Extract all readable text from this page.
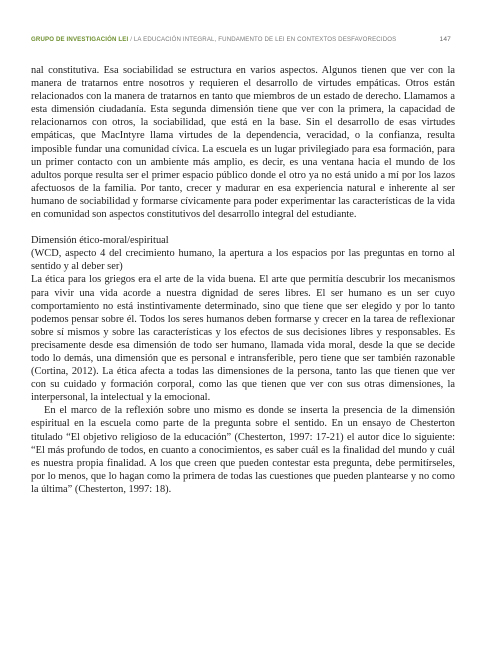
GRUPO DE INVESTIGACIÓN LEI / LA EDUCACIÓN INTEGRAL, FUNDAMENTO DE LEI EN CONTEXTOS DESFAVORECIDOS	147

nal constitutiva. Esa sociabilidad se estructura en varios aspectos. Algunos tienen que ver con la manera de tratarnos entre nosotros y requieren el desarrollo de virtudes empáticas. Otros están relacionados con la manera de tratarnos en tanto que miembros de un estado de derecho. Llamamos a esta dimensión ciudadanía. Esta segunda dimensión tiene que ver con la primera, la capacidad de relacionarnos con otros, la sociabilidad, que está en la base. Sin el desarrollo de esas virtudes empáticas, que MacIntyre llama virtudes de la dependencia, veracidad, o la confianza, resulta imposible fundar una comunidad cívica. La escuela es un lugar privilegiado para esa formación, para un primer contacto con un ambiente más amplio, es decir, es una ventana hacia el mundo de los adultos porque resulta ser el primer espacio público donde el otro ya no está unido a mí por los lazos afectuosos de la familia. Por tanto, crecer y madurar en esa experiencia natural e inherente al ser humano de sociabilidad y formarse cívicamente para poder experimentar las características de la vida en comunidad son aspectos constitutivos del desarrollo integral del estudiante.

Dimensión ético-moral/espiritual

(WCD, aspecto 4 del crecimiento humano, la apertura a los espacios por las preguntas en torno al sentido y al deber ser)

La ética para los griegos era el arte de la vida buena. El arte que permitía descubrir los mecanismos para vivir una vida acorde a nuestra dignidad de seres libres. El ser humano es un ser cuyo comportamiento no está instintivamente determinado, sino que tiene que ser elegido y por lo tanto podemos pensar sobre él. Todos los seres humanos deben formarse y crecer en la tarea de reflexionar sobre sí mismos y sobre las características y los efectos de sus decisiones libres y responsables. Es precisamente desde esa dimensión de todo ser humano, llamada vida moral, desde la que se decide todo lo demás, una dimensión que es personal e intransferible, pero tiene que ser también razonable (Cortina, 2012). La ética afecta a todas las dimensiones de la persona, tanto las que tienen que ver con su cuidado y formación corporal, como las que tienen que ver con sus otras dimensiones, la interpersonal, la intelectual y la emocional.

En el marco de la reflexión sobre uno mismo es donde se inserta la presencia de la dimensión espiritual en la escuela como parte de la pregunta sobre el sentido. En un ensayo de Chesterton titulado “El objetivo religioso de la educación” (Chesterton, 1997: 17-21) el autor dice lo siguiente: “El más profundo de todos, en cuanto a conocimientos, es saber cuál es la finalidad del mundo y cuál es nuestra propia finalidad. A los que creen que pueden contestar esta pregunta, debe permitírseles, por lo menos, que lo hagan como la primera de todas las cuestiones que pueden plantearse y no como la última” (Chesterton, 1997: 18).
